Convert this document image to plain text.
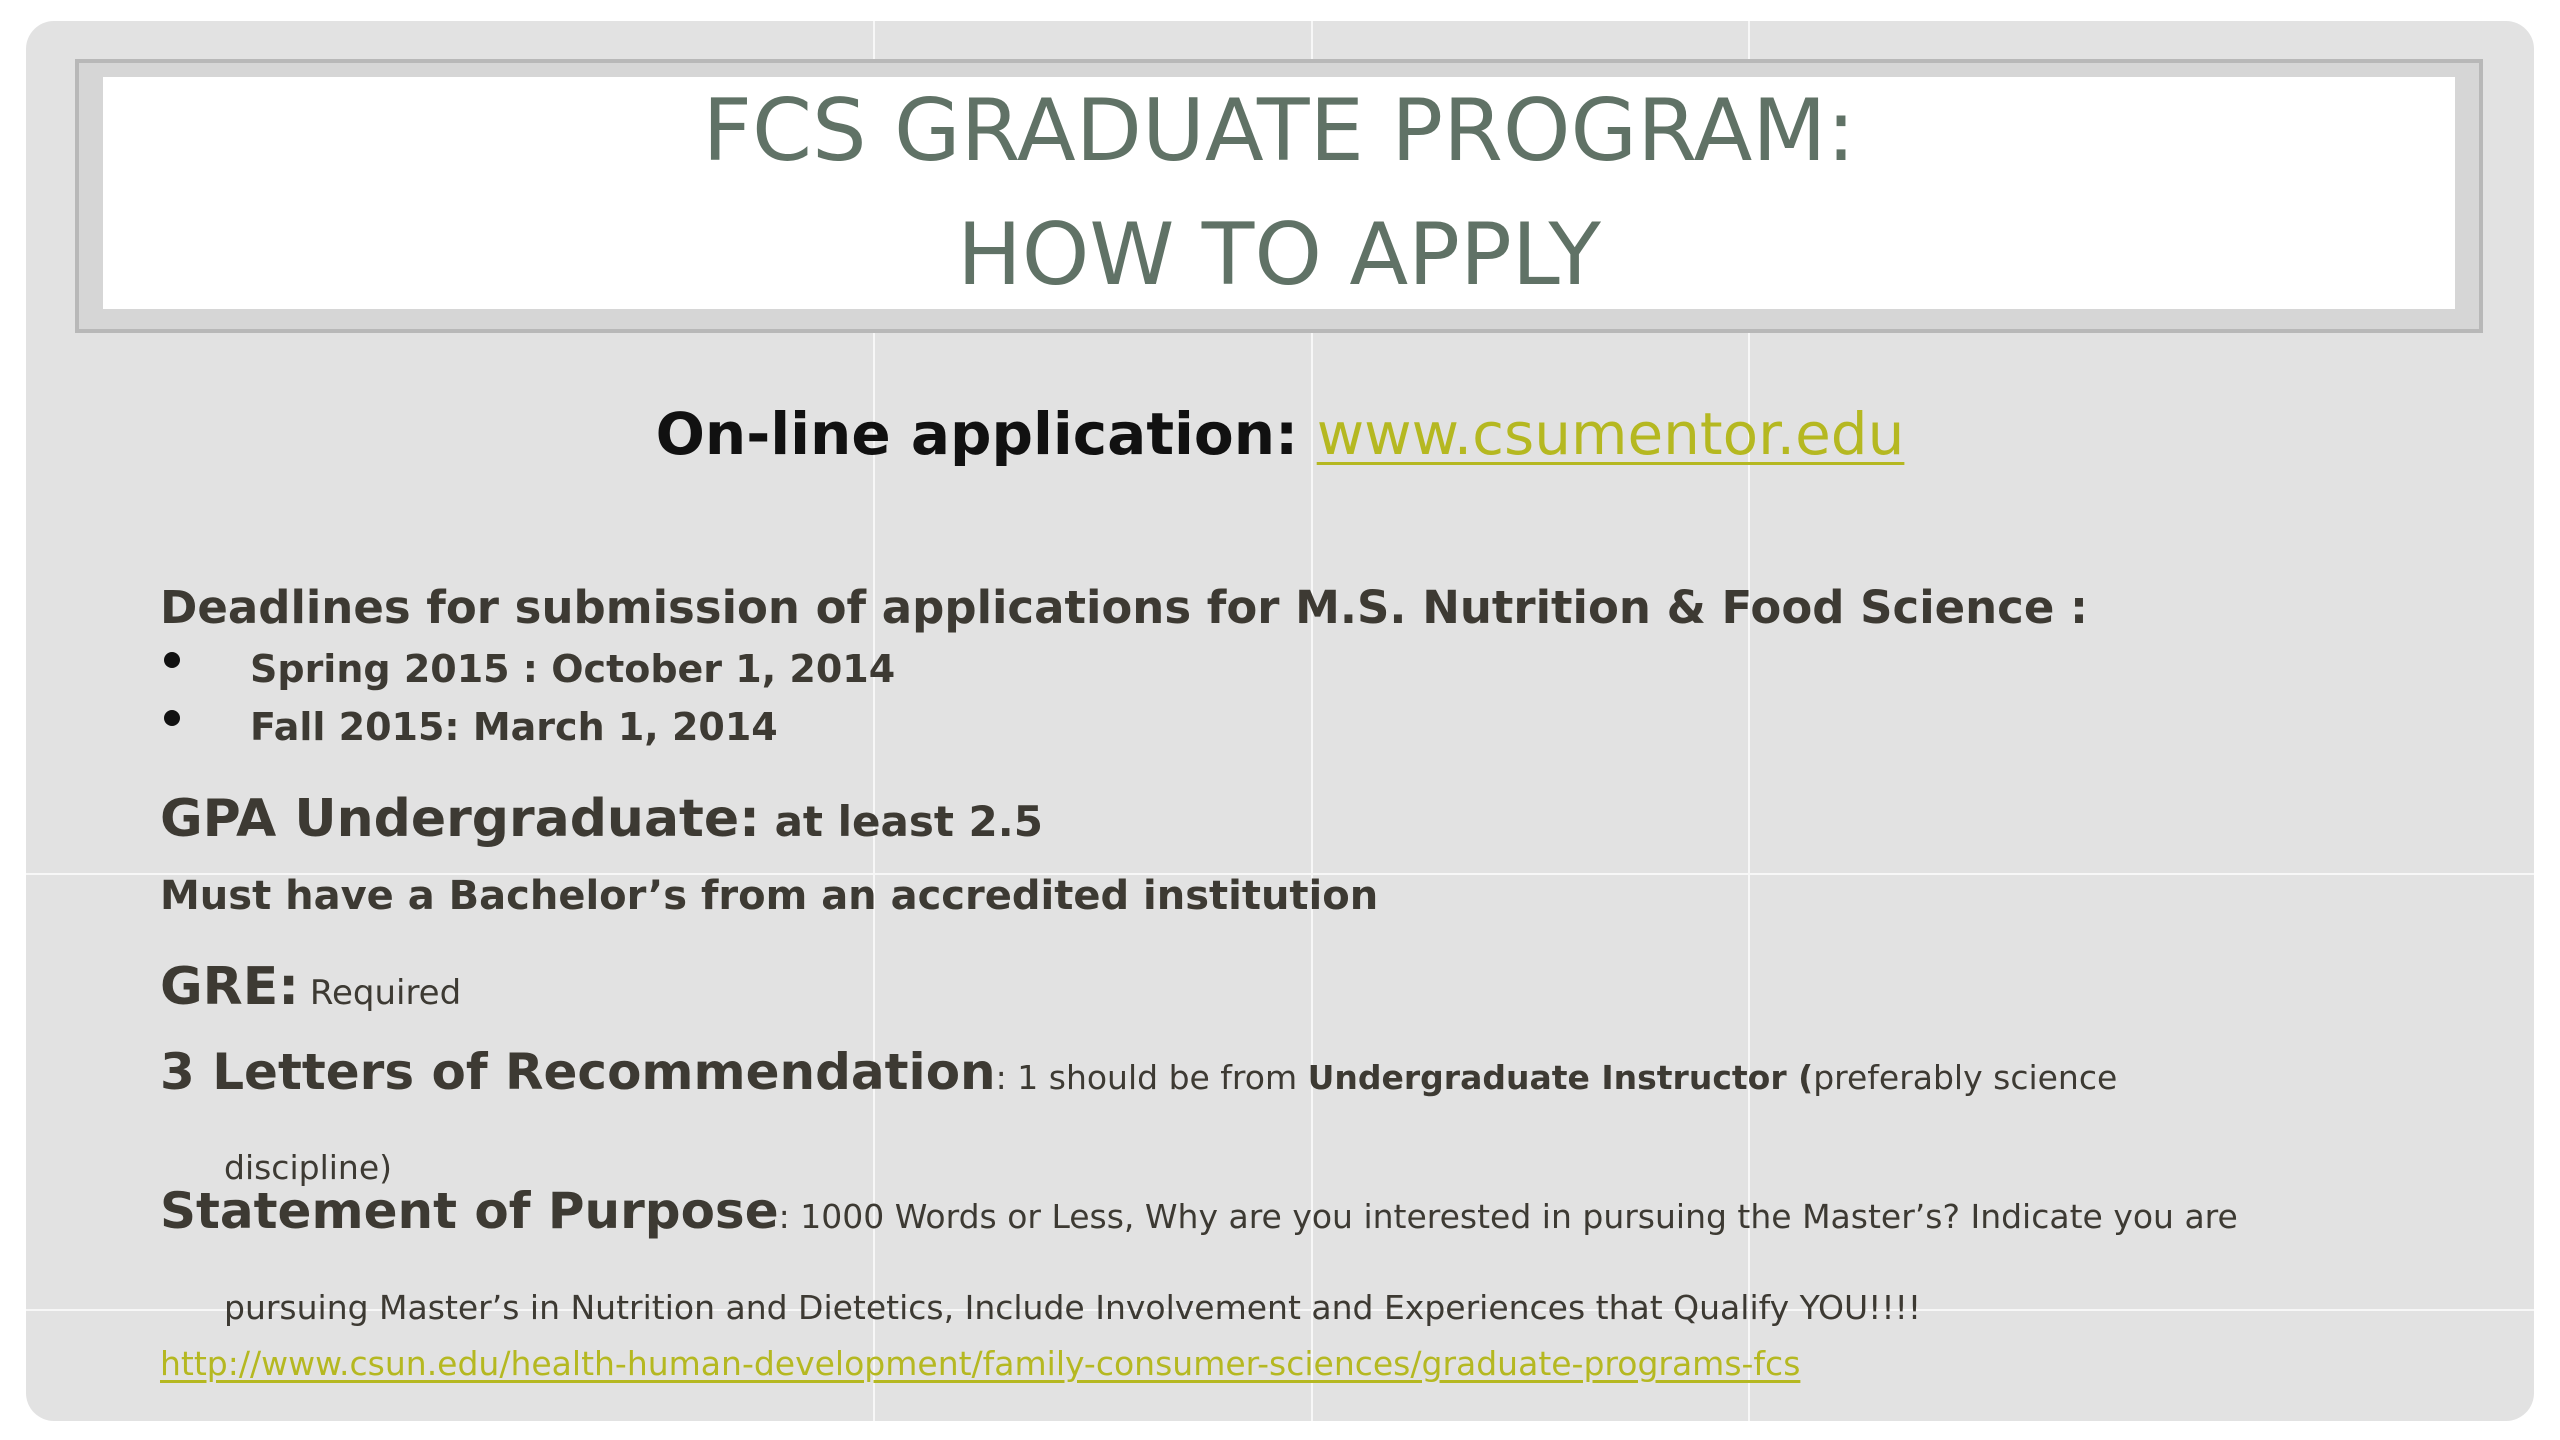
FCS GRADUATE PROGRAM:
HOW TO APPLY
On-line application: www.csumentor.edu
Deadlines for submission of applications for M.S. Nutrition & Food Science :
Spring 2015 : October 1, 2014
Fall 2015: March 1, 2014
GPA Undergraduate: at least 2.5
Must have a Bachelor’s from an accredited institution
GRE: Required
3 Letters of Recommendation: 1 should be from Undergraduate Instructor (preferably science
discipline)
Statement of Purpose: 1000 Words or Less, Why are you interested in pursuing the Master’s? Indicate you are
pursuing Master’s in Nutrition and Dietetics, Include Involvement and Experiences that Qualify YOU!!!!
http://www.csun.edu/health-human-development/family-consumer-sciences/graduate-programs-fcs
